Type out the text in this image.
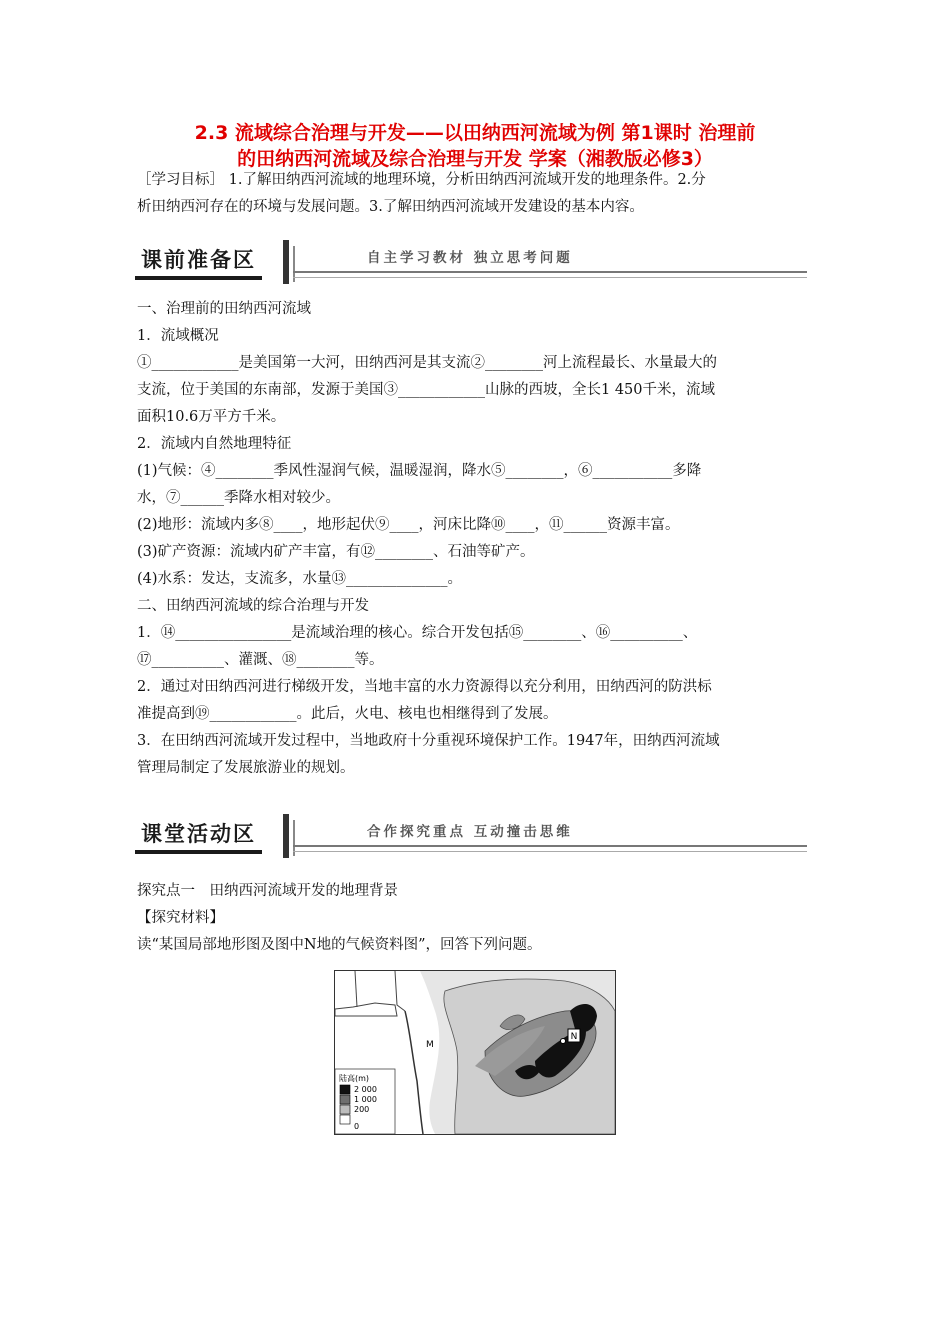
2.3 流域综合治理与开发——以田纳西河流域为例 第1课时 治理前
的田纳西河流域及综合治理与开发 学案（湘教版必修3）
［学习目标］ 1.了解田纳西河流域的地理环境，分析田纳西河流域开发的地理条件。2.分
析田纳西河存在的环境与发展问题。3.了解田纳西河流域开发建设的基本内容。
课前准备区	自主学习教材 独立思考问题
一、治理前的田纳西河流域
1．流域概况
①____________是美国第一大河，田纳西河是其支流②________河上流程最长、水量最大的
支流，位于美国的东南部，发源于美国③____________山脉的西坡，全长1 450千米，流域
面积10.6万平方千米。
2．流域内自然地理特征
(1)气候：④________季风性湿润气候，温暖湿润，降水⑤________，⑥___________多降
水，⑦______季降水相对较少。
(2)地形：流域内多⑧____，地形起伏⑨____，河床比降⑩____，⑪______资源丰富。
(3)矿产资源：流域内矿产丰富，有⑫________、石油等矿产。
(4)水系：发达，支流多，水量⑬______________。
二、田纳西河流域的综合治理与开发
1．⑭________________是流域治理的核心。综合开发包括⑮________、⑯__________、
⑰__________、灌溉、⑱________等。
2．通过对田纳西河进行梯级开发，当地丰富的水力资源得以充分利用，田纳西河的防洪标
准提高到⑲____________。此后，火电、核电也相继得到了发展。
3．在田纳西河流域开发过程中，当地政府十分重视环境保护工作。1947年，田纳西河流域
管理局制定了发展旅游业的规划。
课堂活动区	合作探究重点 互动撞击思维
探究点一　田纳西河流域开发的地理背景
【探究材料】
读“某国局部地形图及图中N地的气候资料图”，回答下列问题。
N
M
陆高(m)
2 000
1 000
200
0
